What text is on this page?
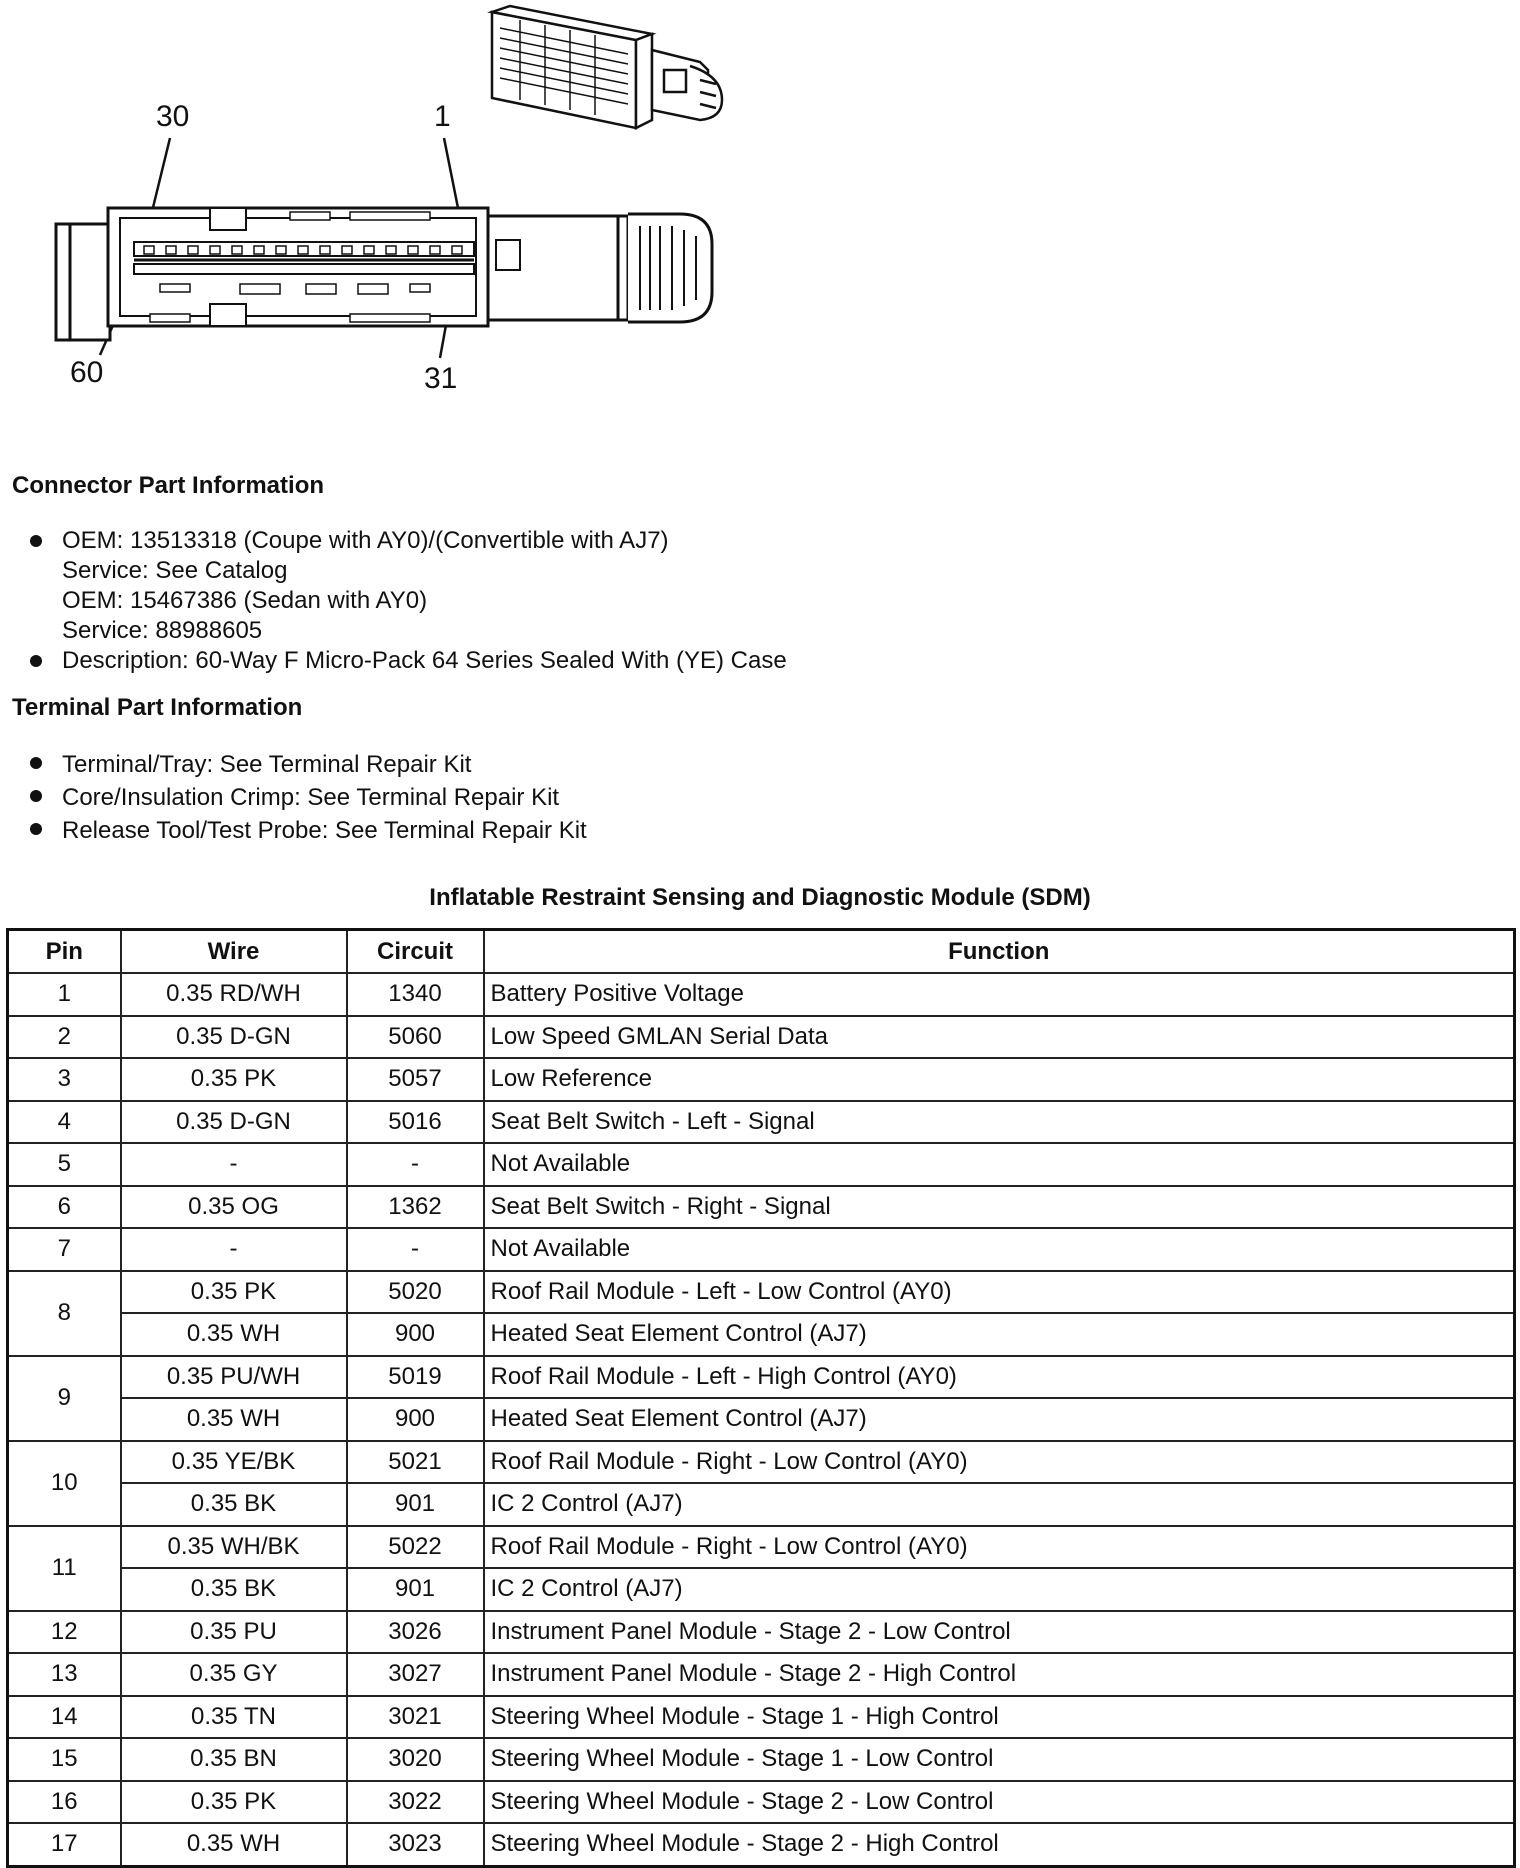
30	1
60	31
Connector Part Information
OEM: 13513318 (Coupe with AY0)/(Convertible with AJ7)
Service: See Catalog
OEM: 15467386 (Sedan with AY0)
Service: 88988605
Description: 60-Way F Micro-Pack 64 Series Sealed With (YE) Case
Terminal Part Information
Terminal/Tray: See Terminal Repair Kit
Core/Insulation Crimp: See Terminal Repair Kit
Release Tool/Test Probe: See Terminal Repair Kit
Inflatable Restraint Sensing and Diagnostic Module (SDM)
Pin	Wire	Circuit	Function
1	0.35 RD/WH	1340	Battery Positive Voltage
2	0.35 D-GN	5060	Low Speed GMLAN Serial Data
3	0.35 PK	5057	Low Reference
4	0.35 D-GN	5016	Seat Belt Switch - Left - Signal
5	-	-	Not Available
6	0.35 OG	1362	Seat Belt Switch - Right - Signal
7	-	-	Not Available
8	0.35 PK	5020	Roof Rail Module - Left - Low Control (AY0)
	0.35 WH	900	Heated Seat Element Control (AJ7)
9	0.35 PU/WH	5019	Roof Rail Module - Left - High Control (AY0)
	0.35 WH	900	Heated Seat Element Control (AJ7)
10	0.35 YE/BK	5021	Roof Rail Module - Right - Low Control (AY0)
	0.35 BK	901	IC 2 Control (AJ7)
11	0.35 WH/BK	5022	Roof Rail Module - Right - Low Control (AY0)
	0.35 BK	901	IC 2 Control (AJ7)
12	0.35 PU	3026	Instrument Panel Module - Stage 2 - Low Control
13	0.35 GY	3027	Instrument Panel Module - Stage 2 - High Control
14	0.35 TN	3021	Steering Wheel Module - Stage 1 - High Control
15	0.35 BN	3020	Steering Wheel Module - Stage 1 - Low Control
16	0.35 PK	3022	Steering Wheel Module - Stage 2 - Low Control
17	0.35 WH	3023	Steering Wheel Module - Stage 2 - High Control
